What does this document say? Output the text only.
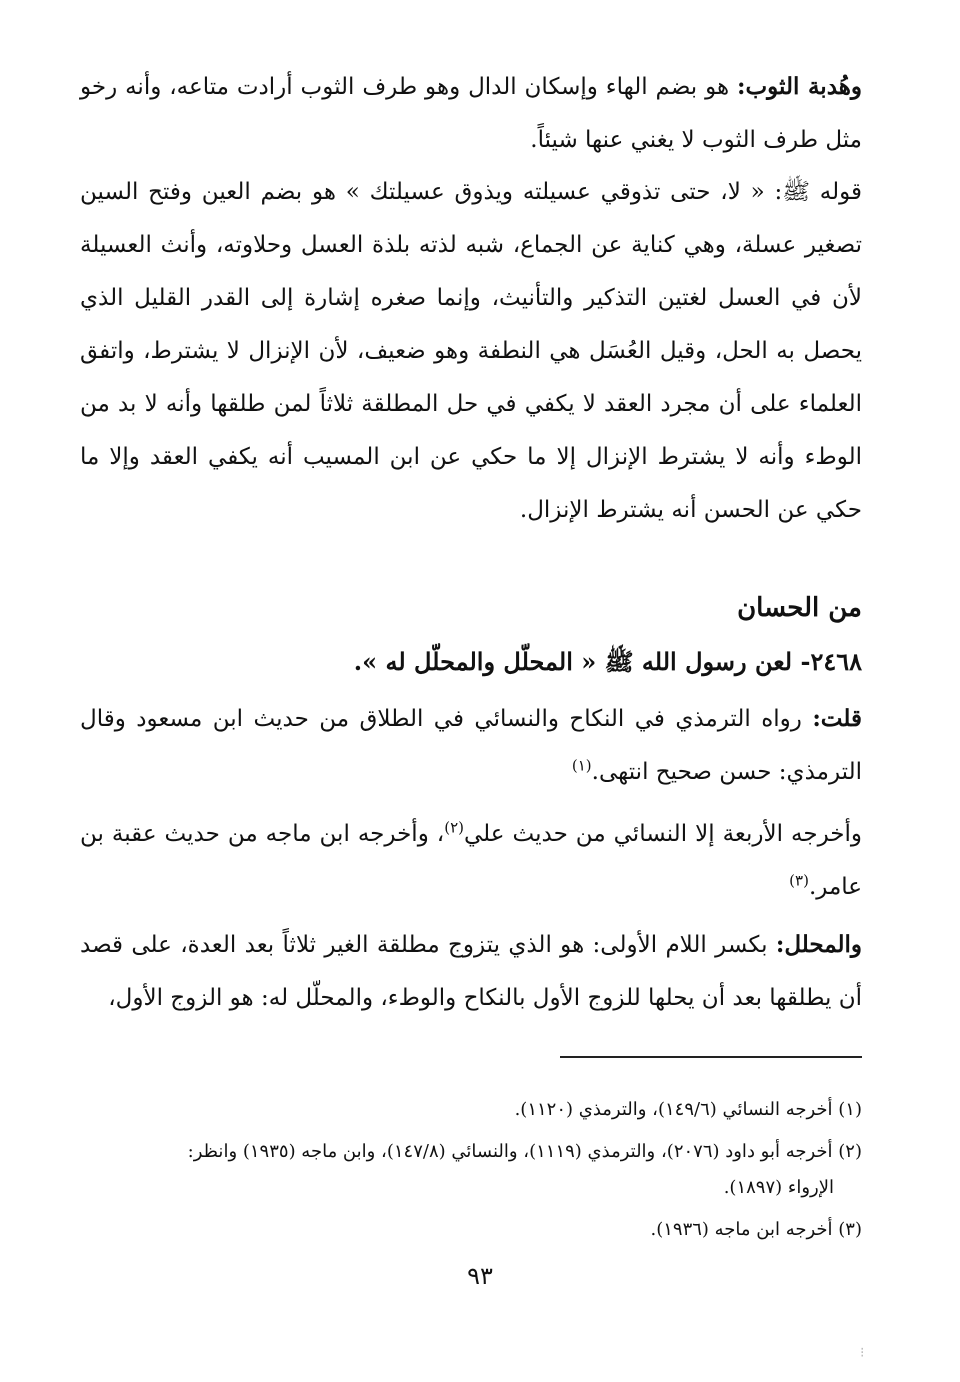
وهُدبة الثوب: هو بضم الهاء وإسكان الدال وهو طرف الثوب أرادت متاعه، وأنه رخو مثل طرف الثوب لا يغني عنها شيئاً.

قوله ﷺ: « لا، حتى تذوقي عسيلته ويذوق عسيلتك » هو بضم العين وفتح السين تصغير عسلة، وهي كناية عن الجماع، شبه لذته بلذة العسل وحلاوته، وأنث العسيلة لأن في العسل لغتين التذكير والتأنيث، وإنما صغره إشارة إلى القدر القليل الذي يحصل به الحل، وقيل العُسَل هي النطفة وهو ضعيف، لأن الإنزال لا يشترط، واتفق العلماء على أن مجرد العقد لا يكفي في حل المطلقة ثلاثاً لمن طلقها وأنه لا بد من الوطء وأنه لا يشترط الإنزال إلا ما حكي عن ابن المسيب أنه يكفي العقد وإلا ما حكي عن الحسن أنه يشترط الإنزال.

من الحسان
٢٤٦٨- لعن رسول الله ﷺ « المحلّل والمحلّل له ».

قلت: رواه الترمذي في النكاح والنسائي في الطلاق من حديث ابن مسعود وقال الترمذي: حسن صحيح انتهى.$^{(١)}$

وأخرجه الأربعة إلا النسائي من حديث علي$^{(٢)}$، وأخرجه ابن ماجه من حديث عقبة بن عامر.$^{(٣)}$

والمحلل: بكسر اللام الأولى: هو الذي يتزوج مطلقة الغير ثلاثاً بعد العدة، على قصد أن يطلقها بعد أن يحلها للزوج الأول بالنكاح والوطء، والمحلّل له: هو الزوج الأول،

(١) أخرجه النسائي (١٤٩/٦)، والترمذي (١١٢٠).
(٢) أخرجه أبو داود (٢٠٧٦)، والترمذي (١١١٩)، والنسائي (١٤٧/٨)، وابن ماجه (١٩٣٥) وانظر:
الإرواء (١٨٩٧).
(٣) أخرجه ابن ماجه (١٩٣٦).
٩٣
⁝
